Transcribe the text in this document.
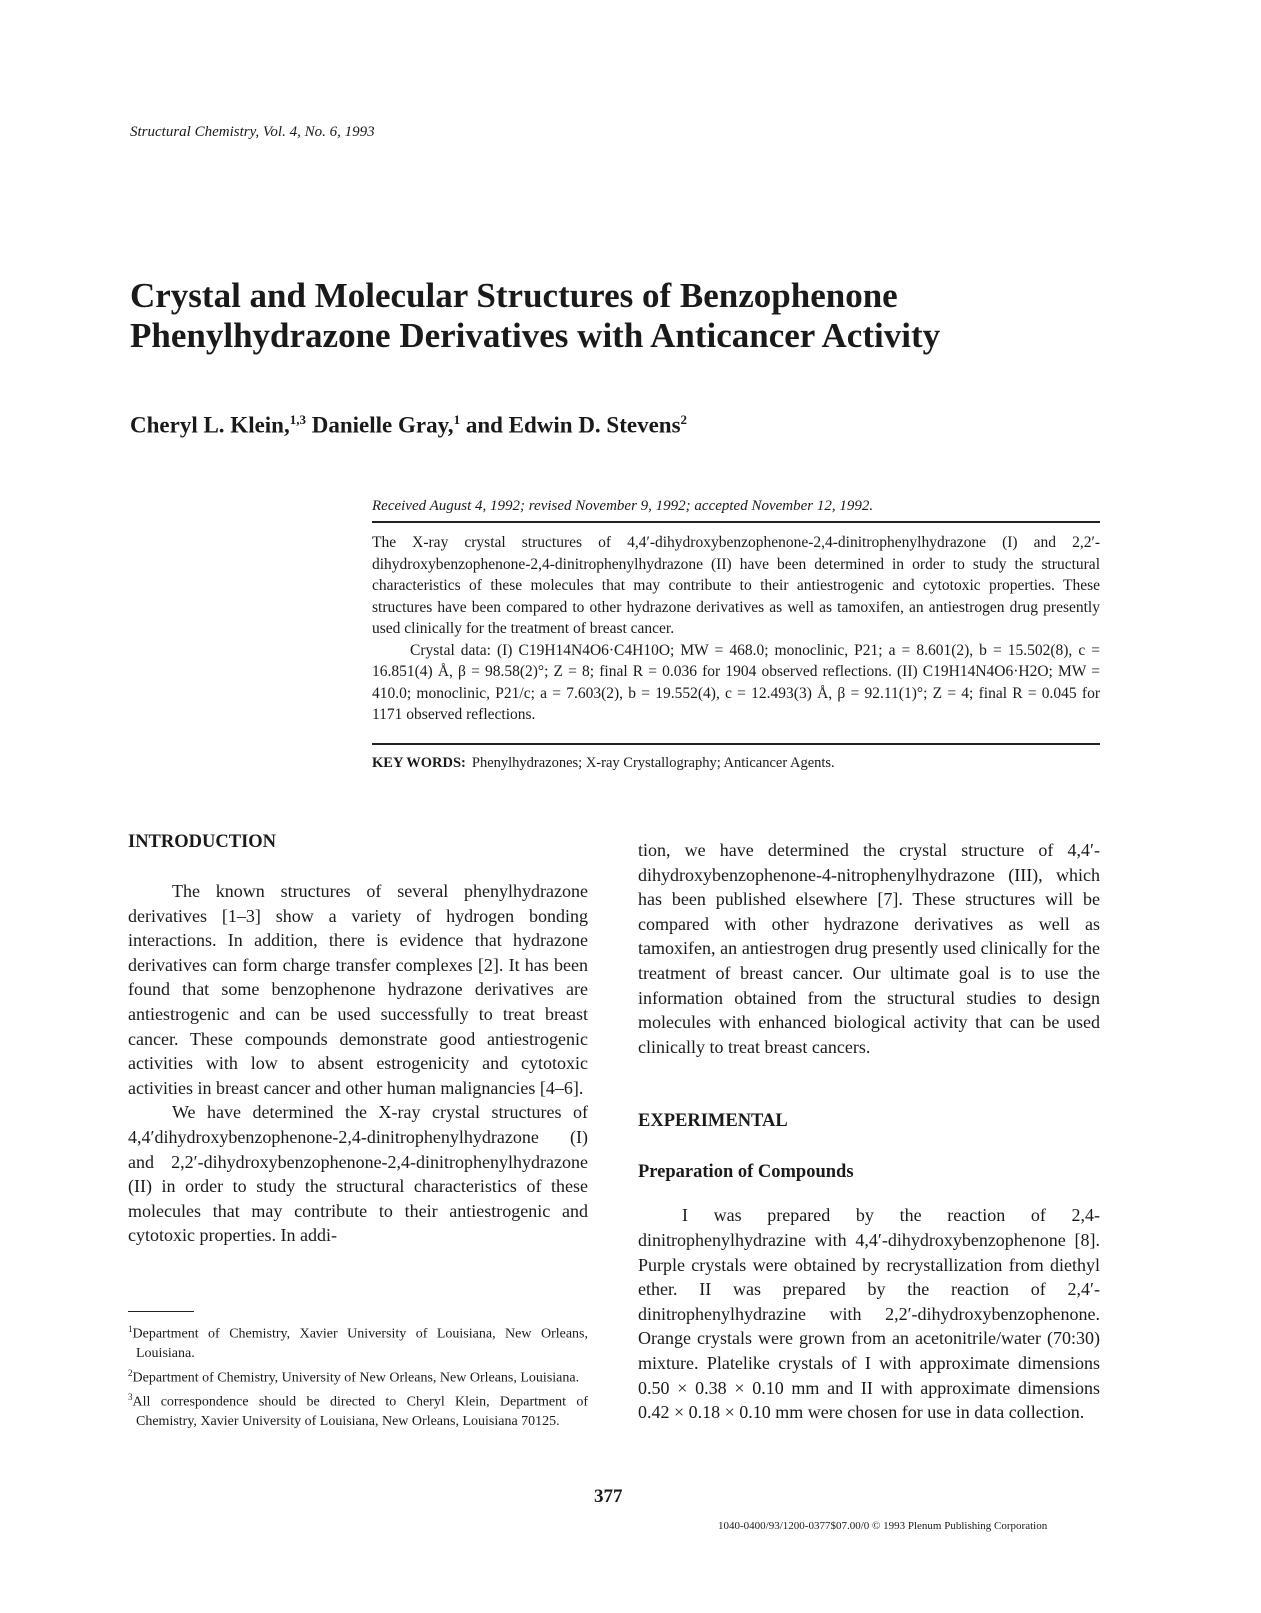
Structural Chemistry, Vol. 4, No. 6, 1993
Crystal and Molecular Structures of Benzophenone
Phenylhydrazone Derivatives with Anticancer Activity
Cheryl L. Klein,$^{1,3}$ Danielle Gray,$^1$ and Edwin D. Stevens$^2$
Received August 4, 1992; revised November 9, 1992; accepted November 12, 1992.

The X-ray crystal structures of 4,4′-dihydroxybenzophenone-2,4-dinitrophenylhydrazone (I) and 2,2′-dihydroxybenzophenone-2,4-dinitrophenylhydrazone (II) have been determined in order to study the structural characteristics of these molecules that may contribute to their antiestrogenic and cytotoxic properties. These structures have been compared to other hydrazone derivatives as well as tamoxifen, an antiestrogen drug presently used clinically for the treatment of breast cancer.

Crystal data: (I) C19H14N4O6·C4H10O; MW = 468.0; monoclinic, P21; a = 8.601(2), b = 15.502(8), c = 16.851(4) Å, β = 98.58(2)°; Z = 8; final R = 0.036 for 1904 observed reflections. (II) C19H14N4O6·H2O; MW = 410.0; monoclinic, P21/c; a = 7.603(2), b = 19.552(4), c = 12.493(3) Å, β = 92.11(1)°; Z = 4; final R = 0.045 for 1171 observed reflections.

KEY WORDS: Phenylhydrazones; X-ray Crystallography; Anticancer Agents.
INTRODUCTION

The known structures of several phenylhydrazone derivatives [1–3] show a variety of hydrogen bonding interactions. In addition, there is evidence that hydrazone derivatives can form charge transfer complexes [2]. It has been found that some benzophenone hydrazone derivatives are antiestrogenic and can be used successfully to treat breast cancer. These compounds demonstrate good antiestrogenic activities with low to absent estrogenicity and cytotoxic activities in breast cancer and other human malignancies [4–6].

We have determined the X-ray crystal structures of 4,4′dihydroxybenzophenone-2,4-dinitrophenylhydrazone (I) and 2,2′-dihydroxybenzophenone-2,4-dinitrophenylhydrazone (II) in order to study the structural characteristics of these molecules that may contribute to their antiestrogenic and cytotoxic properties. In addi-

tion, we have determined the crystal structure of 4,4′-dihydroxybenzophenone-4-nitrophenylhydrazone (III), which has been published elsewhere [7]. These structures will be compared with other hydrazone derivatives as well as tamoxifen, an antiestrogen drug presently used clinically for the treatment of breast cancer. Our ultimate goal is to use the information obtained from the structural studies to design molecules with enhanced biological activity that can be used clinically to treat breast cancers.

EXPERIMENTAL
Preparation of Compounds

I was prepared by the reaction of 2,4-dinitrophenylhydrazine with 4,4′-dihydroxybenzophenone [8]. Purple crystals were obtained by recrystallization from diethyl ether. II was prepared by the reaction of 2,4′-dinitrophenylhydrazine with 2,2′-dihydroxybenzophenone. Orange crystals were grown from an acetonitrile/water (70:30) mixture. Platelike crystals of I with approximate dimensions 0.50 × 0.38 × 0.10 mm and II with approximate dimensions 0.42 × 0.18 × 0.10 mm were chosen for use in data collection.

$^1$Department of Chemistry, Xavier University of Louisiana, New Orleans, Louisiana.

$^2$Department of Chemistry, University of New Orleans, New Orleans, Louisiana.

$^3$All correspondence should be directed to Cheryl Klein, Department of Chemistry, Xavier University of Louisiana, New Orleans, Louisiana 70125.

377
1040-0400/93/1200-0377$07.00/0 © 1993 Plenum Publishing Corporation
